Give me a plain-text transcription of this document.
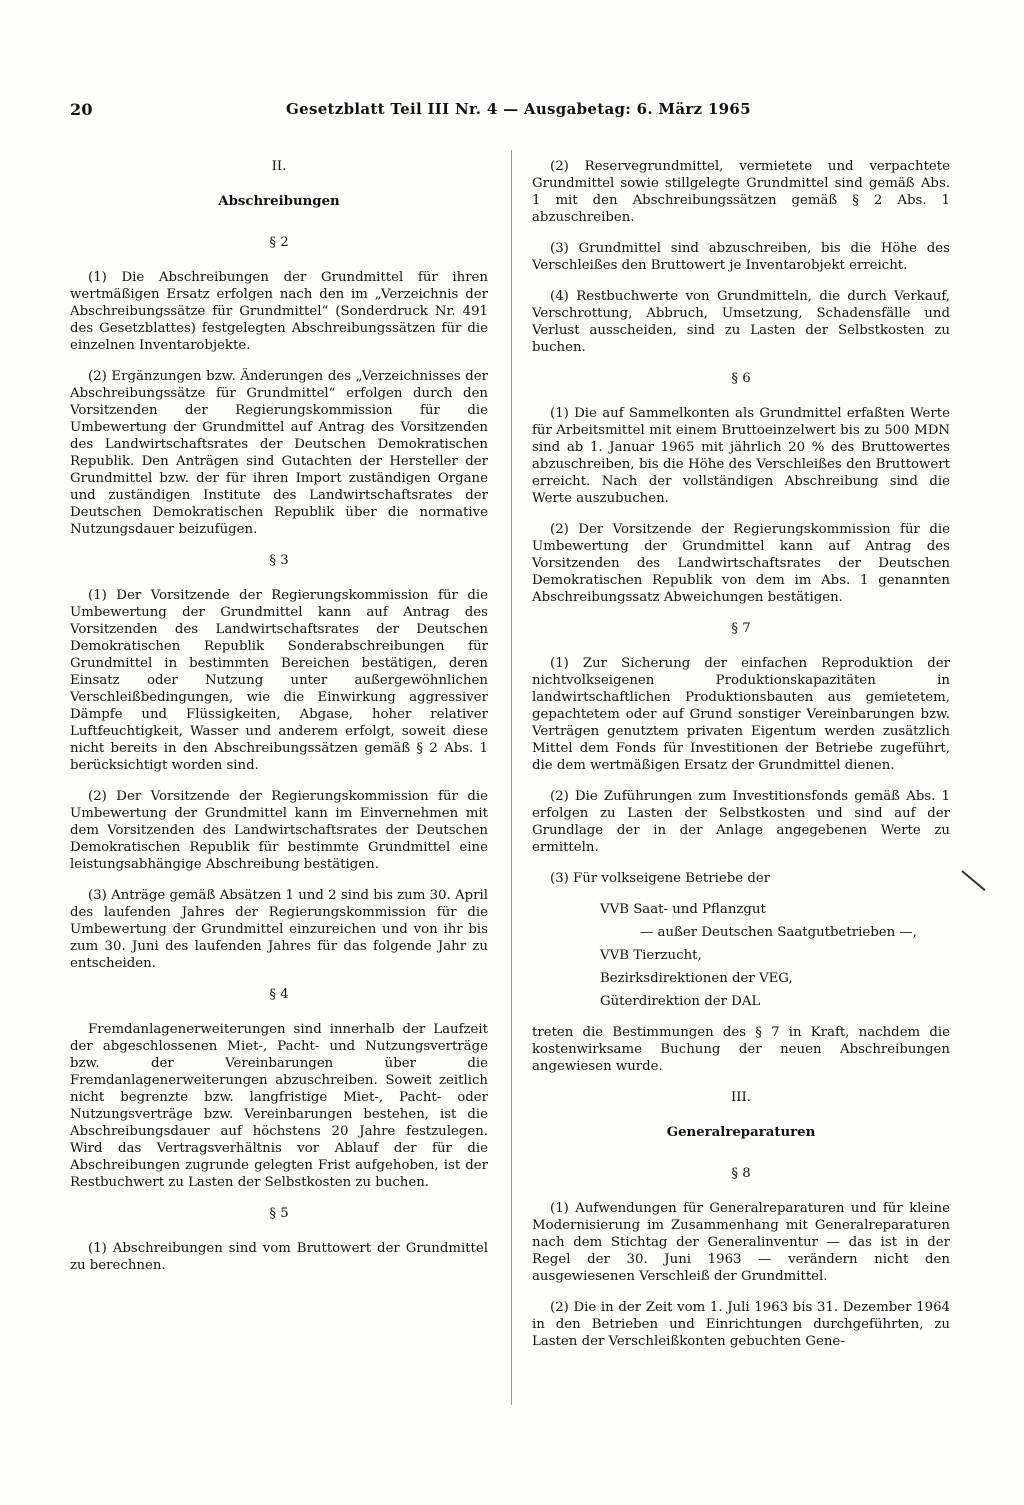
20	Gesetzblatt Teil III Nr. 4 — Ausgabetag: 6. März 1965
II.
Abschreibungen
§ 2

(1) Die Abschreibungen der Grundmittel für ihren wertmäßigen Ersatz erfolgen nach den im „Verzeichnis der Abschreibungssätze für Grundmittel“ (Sonderdruck Nr. 491 des Gesetzblattes) festgelegten Abschreibungssätzen für die einzelnen Inventarobjekte.

(2) Ergänzungen bzw. Änderungen des „Verzeichnisses der Abschreibungssätze für Grundmittel“ erfolgen durch den Vorsitzenden der Regierungskommission für die Umbewertung der Grundmittel auf Antrag des Vorsitzenden des Landwirtschaftsrates der Deutschen Demokratischen Republik. Den Anträgen sind Gutachten der Hersteller der Grundmittel bzw. der für ihren Import zuständigen Organe und zuständigen Institute des Landwirtschaftsrates der Deutschen Demokratischen Republik über die normative Nutzungsdauer beizufügen.

§ 3

(1) Der Vorsitzende der Regierungskommission für die Umbewertung der Grundmittel kann auf Antrag des Vorsitzenden des Landwirtschaftsrates der Deutschen Demokratischen Republik Sonderabschreibungen für Grundmittel in bestimmten Bereichen bestätigen, deren Einsatz oder Nutzung unter außergewöhnlichen Verschleißbedingungen, wie die Einwirkung aggressiver Dämpfe und Flüssigkeiten, Abgase, hoher relativer Luftfeuchtigkeit, Wasser und anderem erfolgt, soweit diese nicht bereits in den Abschreibungssätzen gemäß § 2 Abs. 1 berücksichtigt worden sind.

(2) Der Vorsitzende der Regierungskommission für die Umbewertung der Grundmittel kann im Einvernehmen mit dem Vorsitzenden des Landwirtschaftsrates der Deutschen Demokratischen Republik für bestimmte Grundmittel eine leistungsabhängige Abschreibung bestätigen.

(3) Anträge gemäß Absätzen 1 und 2 sind bis zum 30. April des laufenden Jahres der Regierungskommission für die Umbewertung der Grundmittel einzureichen und von ihr bis zum 30. Juni des laufenden Jahres für das folgende Jahr zu entscheiden.

§ 4

Fremdanlagenerweiterungen sind innerhalb der Laufzeit der abgeschlossenen Miet-, Pacht- und Nutzungsverträge bzw. der Vereinbarungen über die Fremdanlagenerweiterungen abzuschreiben. Soweit zeitlich nicht begrenzte bzw. langfristige Miet-, Pacht- oder Nutzungsverträge bzw. Vereinbarungen bestehen, ist die Abschreibungsdauer auf höchstens 20 Jahre festzulegen. Wird das Vertragsverhältnis vor Ablauf der für die Abschreibungen zugrunde gelegten Frist aufgehoben, ist der Restbuchwert zu Lasten der Selbstkosten zu buchen.

§ 5

(1) Abschreibungen sind vom Bruttowert der Grundmittel zu berechnen.

(2) Reservegrundmittel, vermietete und verpachtete Grundmittel sowie stillgelegte Grundmittel sind gemäß Abs. 1 mit den Abschreibungssätzen gemäß § 2 Abs. 1 abzuschreiben.

(3) Grundmittel sind abzuschreiben, bis die Höhe des Verschleißes den Bruttowert je Inventarobjekt erreicht.

(4) Restbuchwerte von Grundmitteln, die durch Verkauf, Verschrottung, Abbruch, Umsetzung, Schadensfälle und Verlust ausscheiden, sind zu Lasten der Selbstkosten zu buchen.

§ 6

(1) Die auf Sammelkonten als Grundmittel erfaßten Werte für Arbeitsmittel mit einem Bruttoeinzelwert bis zu 500 MDN sind ab 1. Januar 1965 mit jährlich 20 % des Bruttowertes abzuschreiben, bis die Höhe des Verschleißes den Bruttowert erreicht. Nach der vollständigen Abschreibung sind die Werte auszubuchen.

(2) Der Vorsitzende der Regierungskommission für die Umbewertung der Grundmittel kann auf Antrag des Vorsitzenden des Landwirtschaftsrates der Deutschen Demokratischen Republik von dem im Abs. 1 genannten Abschreibungssatz Abweichungen bestätigen.

§ 7

(1) Zur Sicherung der einfachen Reproduktion der nichtvolkseigenen Produktionskapazitäten in landwirtschaftlichen Produktionsbauten aus gemietetem, gepachtetem oder auf Grund sonstiger Vereinbarungen bzw. Verträgen genutztem privaten Eigentum werden zusätzlich Mittel dem Fonds für Investitionen der Betriebe zugeführt, die dem wertmäßigen Ersatz der Grundmittel dienen.

(2) Die Zuführungen zum Investitionsfonds gemäß Abs. 1 erfolgen zu Lasten der Selbstkosten und sind auf der Grundlage der in der Anlage angegebenen Werte zu ermitteln.

(3) Für volkseigene Betriebe der

VVB Saat- und Pflanzgut
— außer Deutschen Saatgutbetrieben —,
VVB Tierzucht,
Bezirksdirektionen der VEG,
Güterdirektion der DAL

treten die Bestimmungen des § 7 in Kraft, nachdem die kostenwirksame Buchung der neuen Abschreibungen angewiesen wurde.

III.
Generalreparaturen
§ 8

(1) Aufwendungen für Generalreparaturen und für kleine Modernisierung im Zusammenhang mit Generalreparaturen nach dem Stichtag der Generalinventur — das ist in der Regel der 30. Juni 1963 — verändern nicht den ausgewiesenen Verschleiß der Grundmittel.

(2) Die in der Zeit vom 1. Juli 1963 bis 31. Dezember 1964 in den Betrieben und Einrichtungen durchgeführten, zu Lasten der Verschleißkonten gebuchten Gene-
